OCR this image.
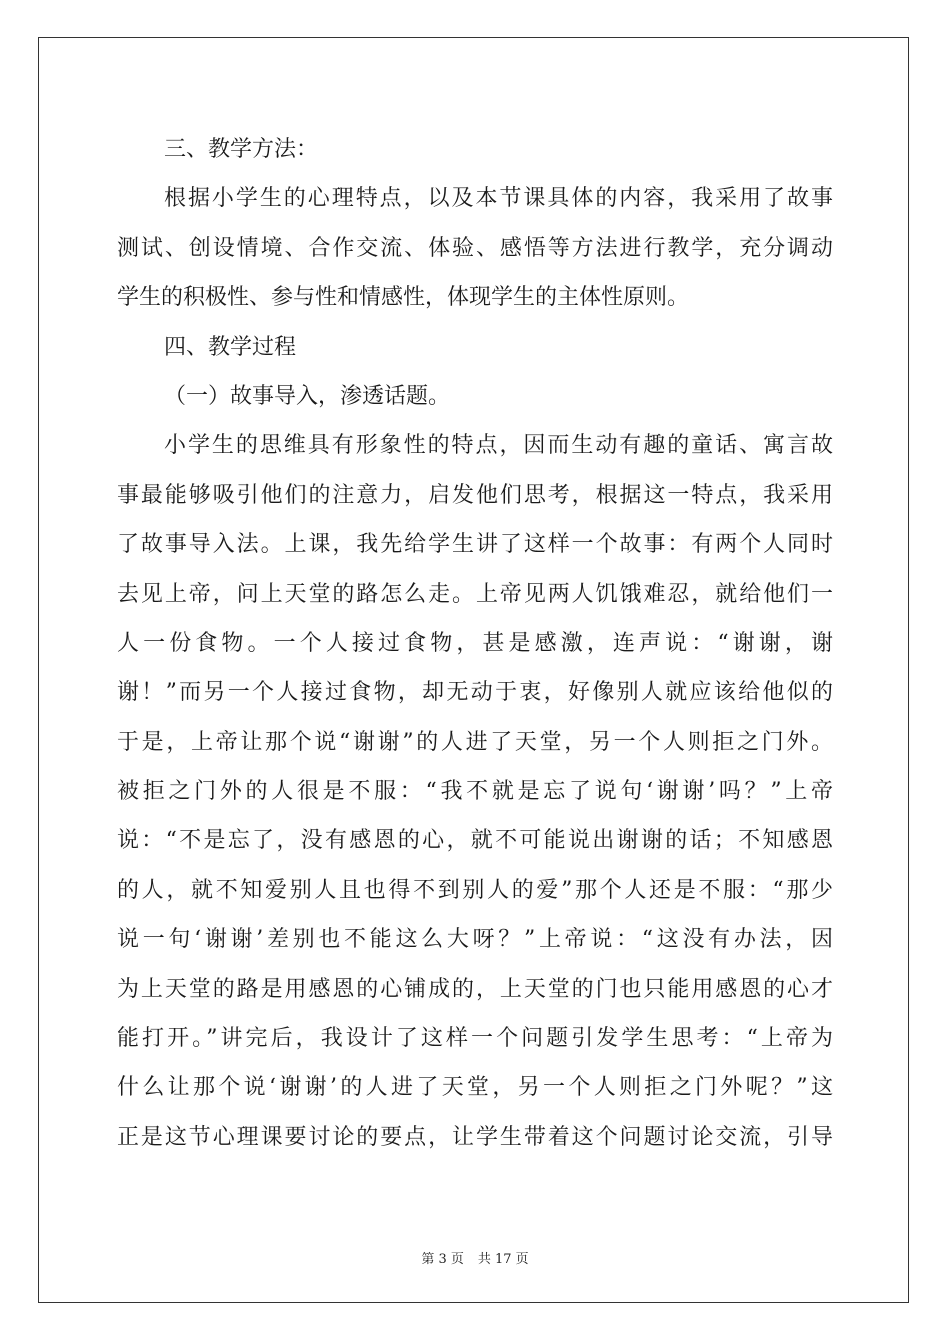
三、教学方法：
根据小学生的心理特点，以及本节课具体的内容，我采用了故事
测试、创设情境、合作交流、体验、感悟等方法进行教学，充分调动
学生的积极性、参与性和情感性，体现学生的主体性原则。
四、教学过程
（一）故事导入，渗透话题。
小学生的思维具有形象性的特点，因而生动有趣的童话、寓言故
事最能够吸引他们的注意力，启发他们思考，根据这一特点，我采用
了故事导入法。上课，我先给学生讲了这样一个故事：有两个人同时
去见上帝，问上天堂的路怎么走。上帝见两人饥饿难忍，就给他们一
人一份食物。一个人接过食物，甚是感激，连声说：“谢谢，谢
谢！”而另一个人接过食物，却无动于衷，好像别人就应该给他似的
于是，上帝让那个说“谢谢”的人进了天堂，另一个人则拒之门外。
被拒之门外的人很是不服：“我不就是忘了说句‘谢谢’吗？”上帝
说：“不是忘了，没有感恩的心，就不可能说出谢谢的话；不知感恩
的人，就不知爱别人且也得不到别人的爱”那个人还是不服：“那少
说一句‘谢谢’差别也不能这么大呀？”上帝说：“这没有办法，因
为上天堂的路是用感恩的心铺成的，上天堂的门也只能用感恩的心才
能打开。”讲完后，我设计了这样一个问题引发学生思考：“上帝为
什么让那个说‘谢谢’的人进了天堂，另一个人则拒之门外呢？”这
正是这节心理课要讨论的要点，让学生带着这个问题讨论交流，引导
第 3 页 共 17 页
